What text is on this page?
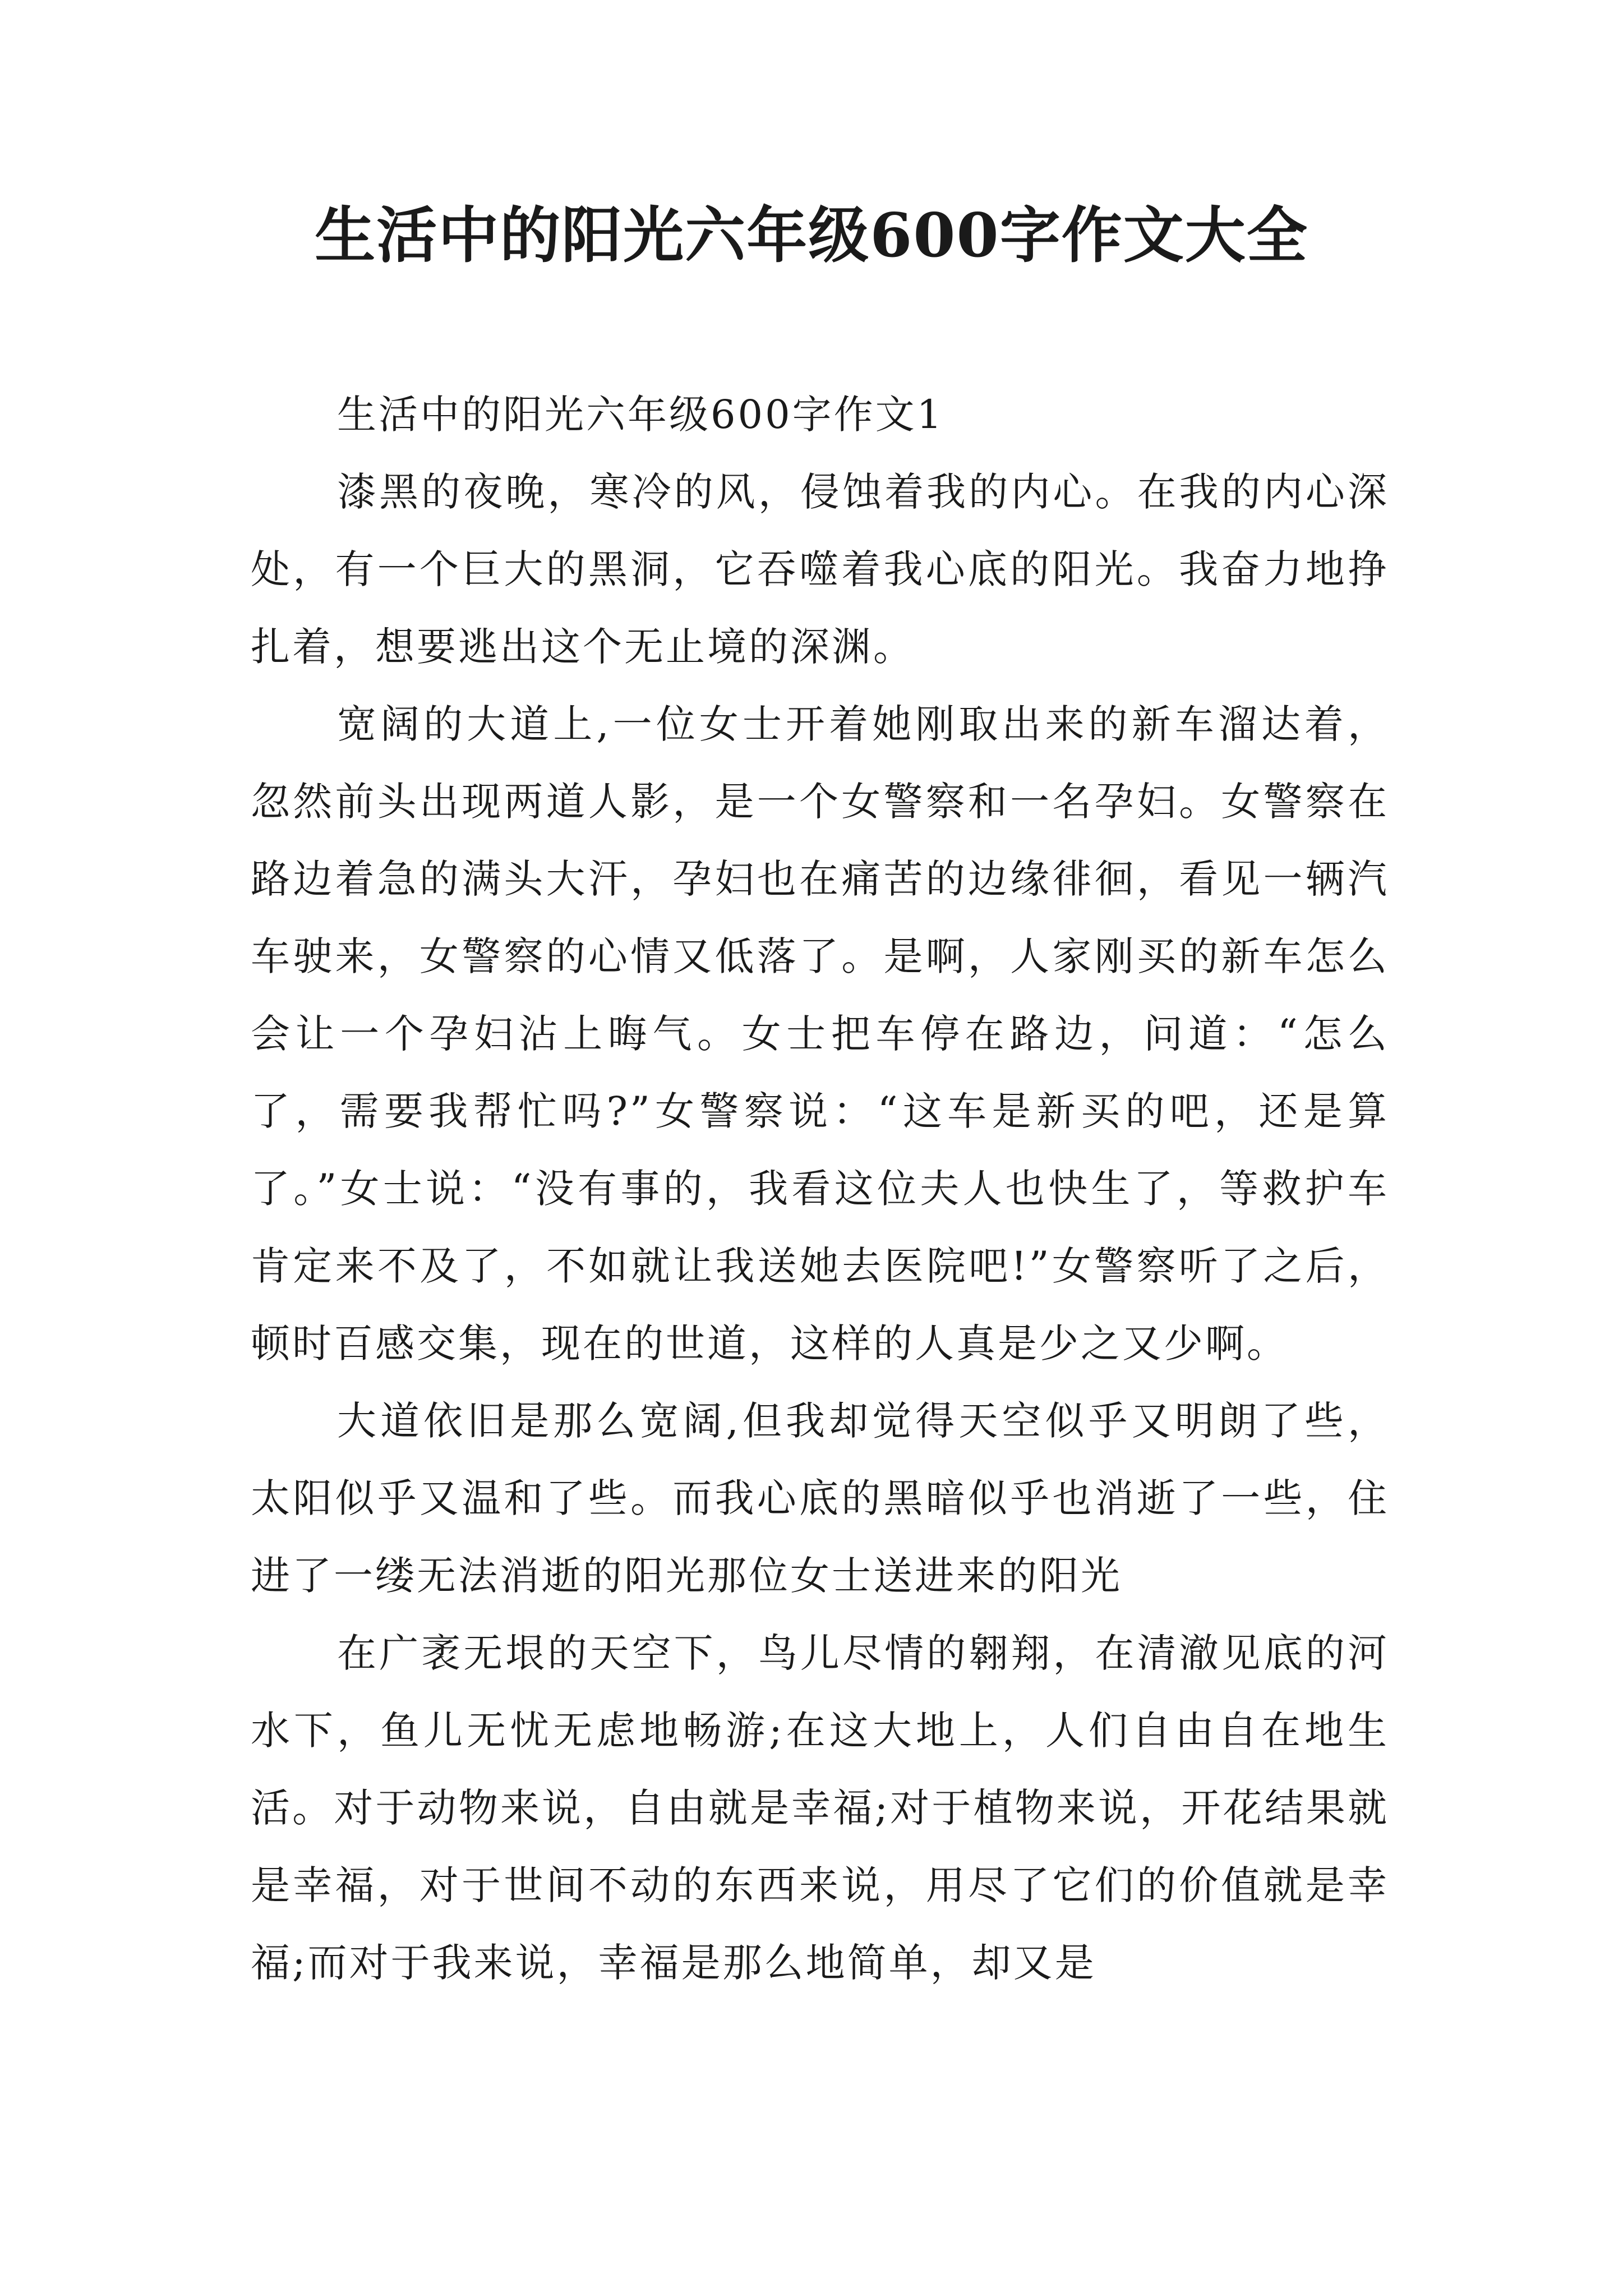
生活中的阳光六年级600字作文大全

生活中的阳光六年级600字作文1

漆黑的夜晚，寒冷的风，侵蚀着我的内心。在我的内心深处，有一个巨大的黑洞，它吞噬着我心底的阳光。我奋力地挣扎着，想要逃出这个无止境的深渊。

宽阔的大道上,一位女士开着她刚取出来的新车溜达着，忽然前头出现两道人影，是一个女警察和一名孕妇。女警察在路边着急的满头大汗，孕妇也在痛苦的边缘徘徊，看见一辆汽车驶来，女警察的心情又低落了。是啊，人家刚买的新车怎么会让一个孕妇沾上晦气。女士把车停在路边，问道：“怎么了，需要我帮忙吗?”女警察说：“这车是新买的吧，还是算了。”女士说：“没有事的，我看这位夫人也快生了，等救护车肯定来不及了，不如就让我送她去医院吧!”女警察听了之后，顿时百感交集，现在的世道，这样的人真是少之又少啊。

大道依旧是那么宽阔,但我却觉得天空似乎又明朗了些，太阳似乎又温和了些。而我心底的黑暗似乎也消逝了一些，住进了一缕无法消逝的阳光那位女士送进来的阳光

在广袤无垠的天空下，鸟儿尽情的翱翔，在清澈见底的河水下，鱼儿无忧无虑地畅游;在这大地上，人们自由自在地生活。对于动物来说，自由就是幸福;对于植物来说，开花结果就是幸福，对于世间不动的东西来说，用尽了它们的价值就是幸福;而对于我来说，幸福是那么地简单，却又是
